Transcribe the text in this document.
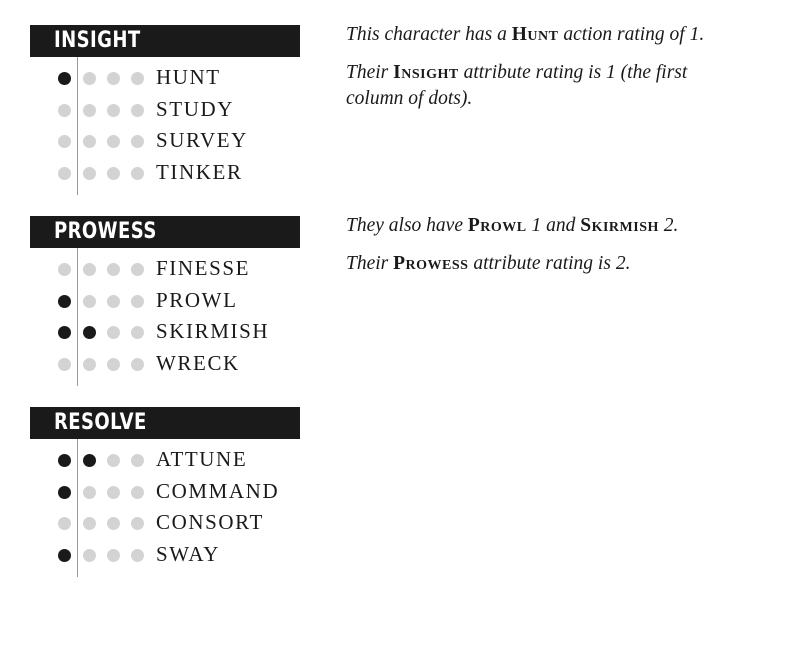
INSIGHT
HUNT
STUDY
SURVEY
TINKER
PROWESS
FINESSE
PROWL
SKIRMISH
WRECK
RESOLVE
ATTUNE
COMMAND
CONSORT
SWAY

This character has a Hunt action rating of 1.

Their Insight attribute rating is 1 (the first column of dots).

They also have Prowl 1 and Skirmish 2.

Their Prowess attribute rating is 2.
